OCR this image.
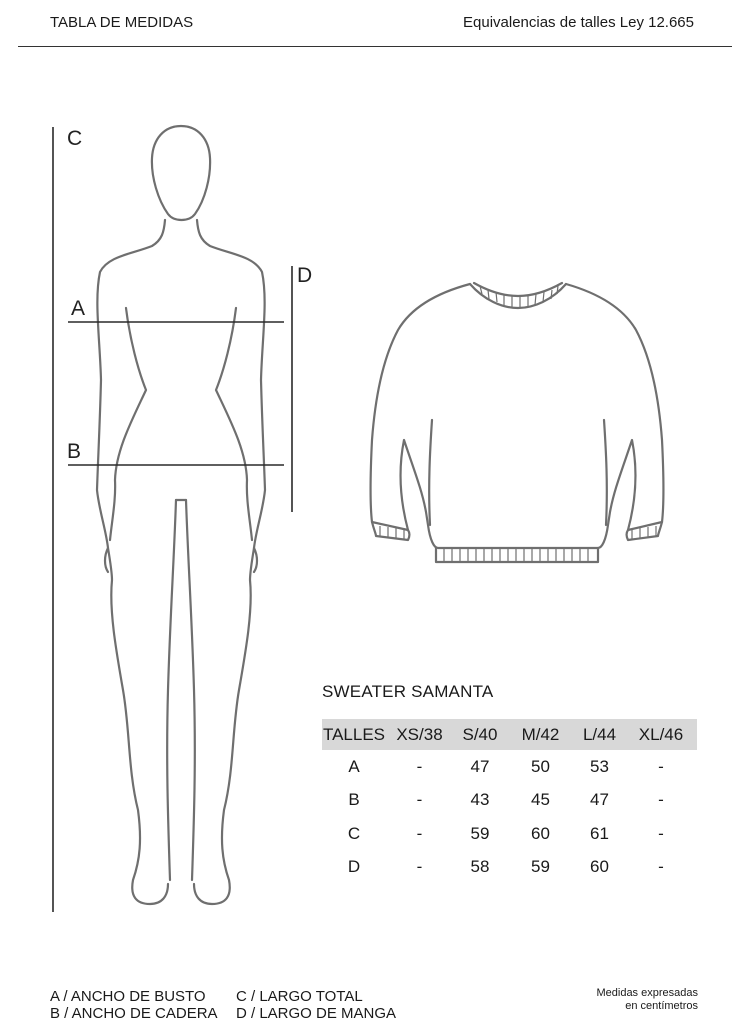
TABLA DE MEDIDAS	Equivalencias de talles Ley 12.665
C
A
B
D
SWEATER SAMANTA
TALLES	XS/38	S/40	M/42	L/44	XL/46
A	-	47	50	53	-
B	-	43	45	47	-
C	-	59	60	61	-
D	-	58	59	60	-
A / ANCHO DE BUSTO
B / ANCHO DE CADERA
C / LARGO TOTAL
D / LARGO DE MANGA
Medidas expresadas
en centímetros
